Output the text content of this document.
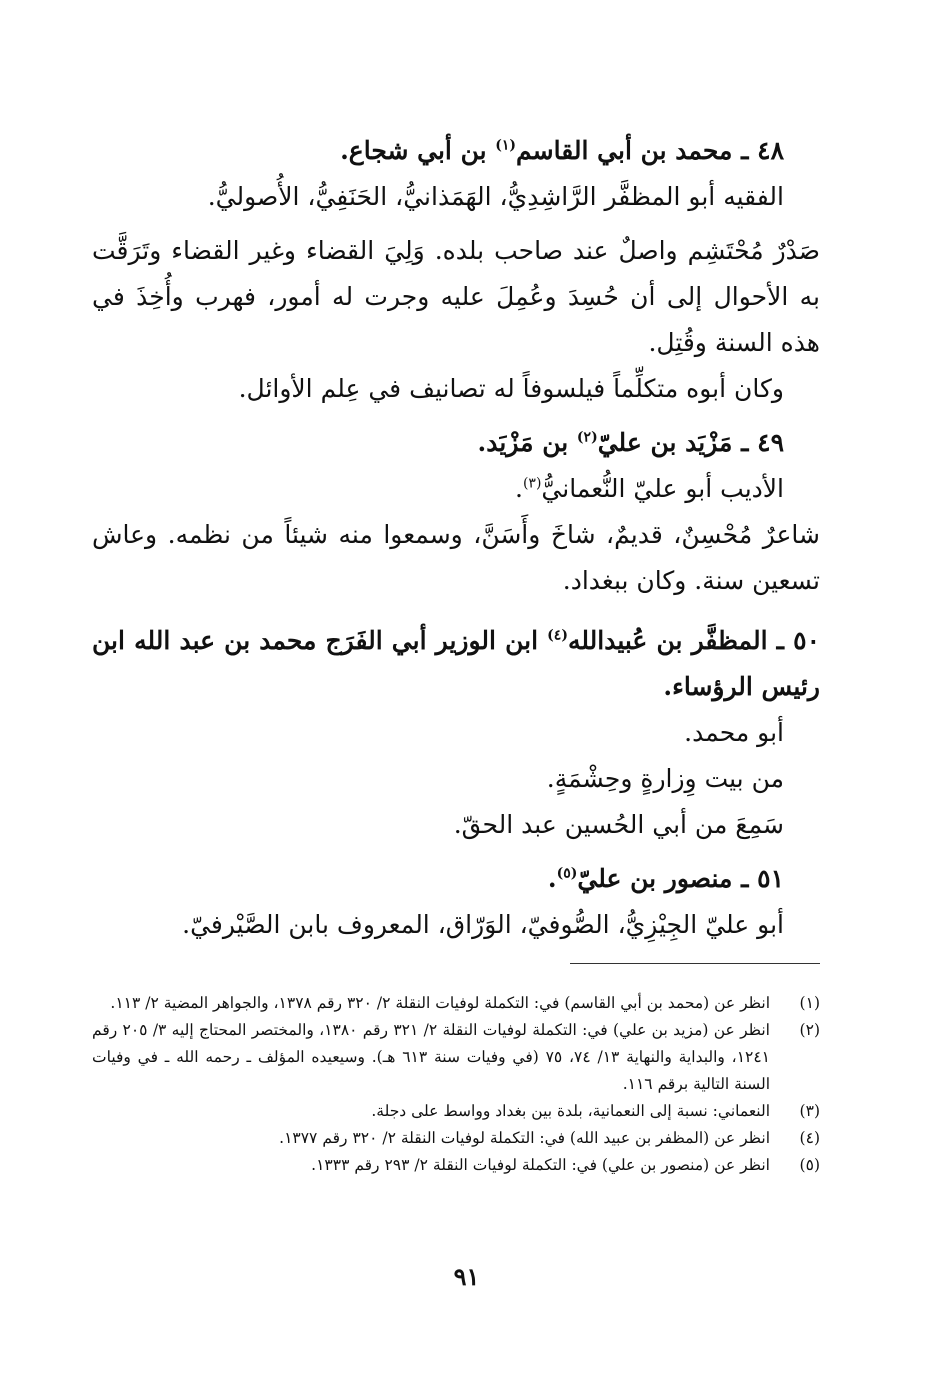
٤٨ ـ محمد بن أبي القاسم$^{(١)}$ بن أبي شجاع.
الفقيه أبو المظفَّر الرَّاشِدِيُّ، الهَمَذانيُّ، الحَنَفِيُّ، الأُصوليُّ.
صَدْرٌ مُحْتَشِم واصلٌ عند صاحب بلده. وَلِيَ القضاء وغير القضاء وتَرَقَّت به الأحوال إلى أن حُسِدَ وعُمِلَ عليه وجرت له أمور، فهرب وأُخِذَ في هذه السنة وقُتِل.
وكان أبوه متكلِّماً فيلسوفاً له تصانيف في عِلم الأوائل.
٤٩ ـ مَزْيَد بن عليّ$^{(٢)}$ بن مَزْيَد.
الأديب أبو عليّ النُّعمانيُّ$^{(٣)}$.
شاعرٌ مُحْسِنٌ، قديمٌ، شاخَ وأَسَنَّ، وسمعوا منه شيئاً من نظمه. وعاش تسعين سنة. وكان ببغداد.
٥٠ ـ المظفَّر بن عُبيدالله$^{(٤)}$ ابن الوزير أبي الفَرَج محمد بن عبد الله ابن رئيس الرؤساء.
أبو محمد.
من بيت وِزارةٍ وحِشْمَةٍ.
سَمِعَ من أبي الحُسين عبد الحقّ.
٥١ ـ منصور بن عليّ$^{(٥)}$.
أبو عليّ الجِيْزِيُّ، الصُّوفيّ، الوَرّاق، المعروف بابن الصَّيْرفيّ.
(١)
انظر عن (محمد بن أبي القاسم) في: التكملة لوفيات النقلة ٢/ ٣٢٠ رقم ١٣٧٨، والجواهر المضية ٢/ ١١٣.
(٢)
انظر عن (مزيد بن علي) في: التكملة لوفيات النقلة ٢/ ٣٢١ رقم ١٣٨٠، والمختصر المحتاج إليه ٣/ ٢٠٥ رقم ١٢٤١، والبداية والنهاية ١٣/ ٧٤، ٧٥ (في وفيات سنة ٦١٣ هـ). وسيعيده المؤلف ـ رحمه الله ـ في وفيات السنة التالية برقم ١١٦.
(٣)
النعماني: نسبة إلى النعمانية، بلدة بين بغداد وواسط على دجلة.
(٤)
انظر عن (المظفر بن عبيد الله) في: التكملة لوفيات النقلة ٢/ ٣٢٠ رقم ١٣٧٧.
(٥)
انظر عن (منصور بن علي) في: التكملة لوفيات النقلة ٢/ ٢٩٣ رقم ١٣٣٣.
٩١
